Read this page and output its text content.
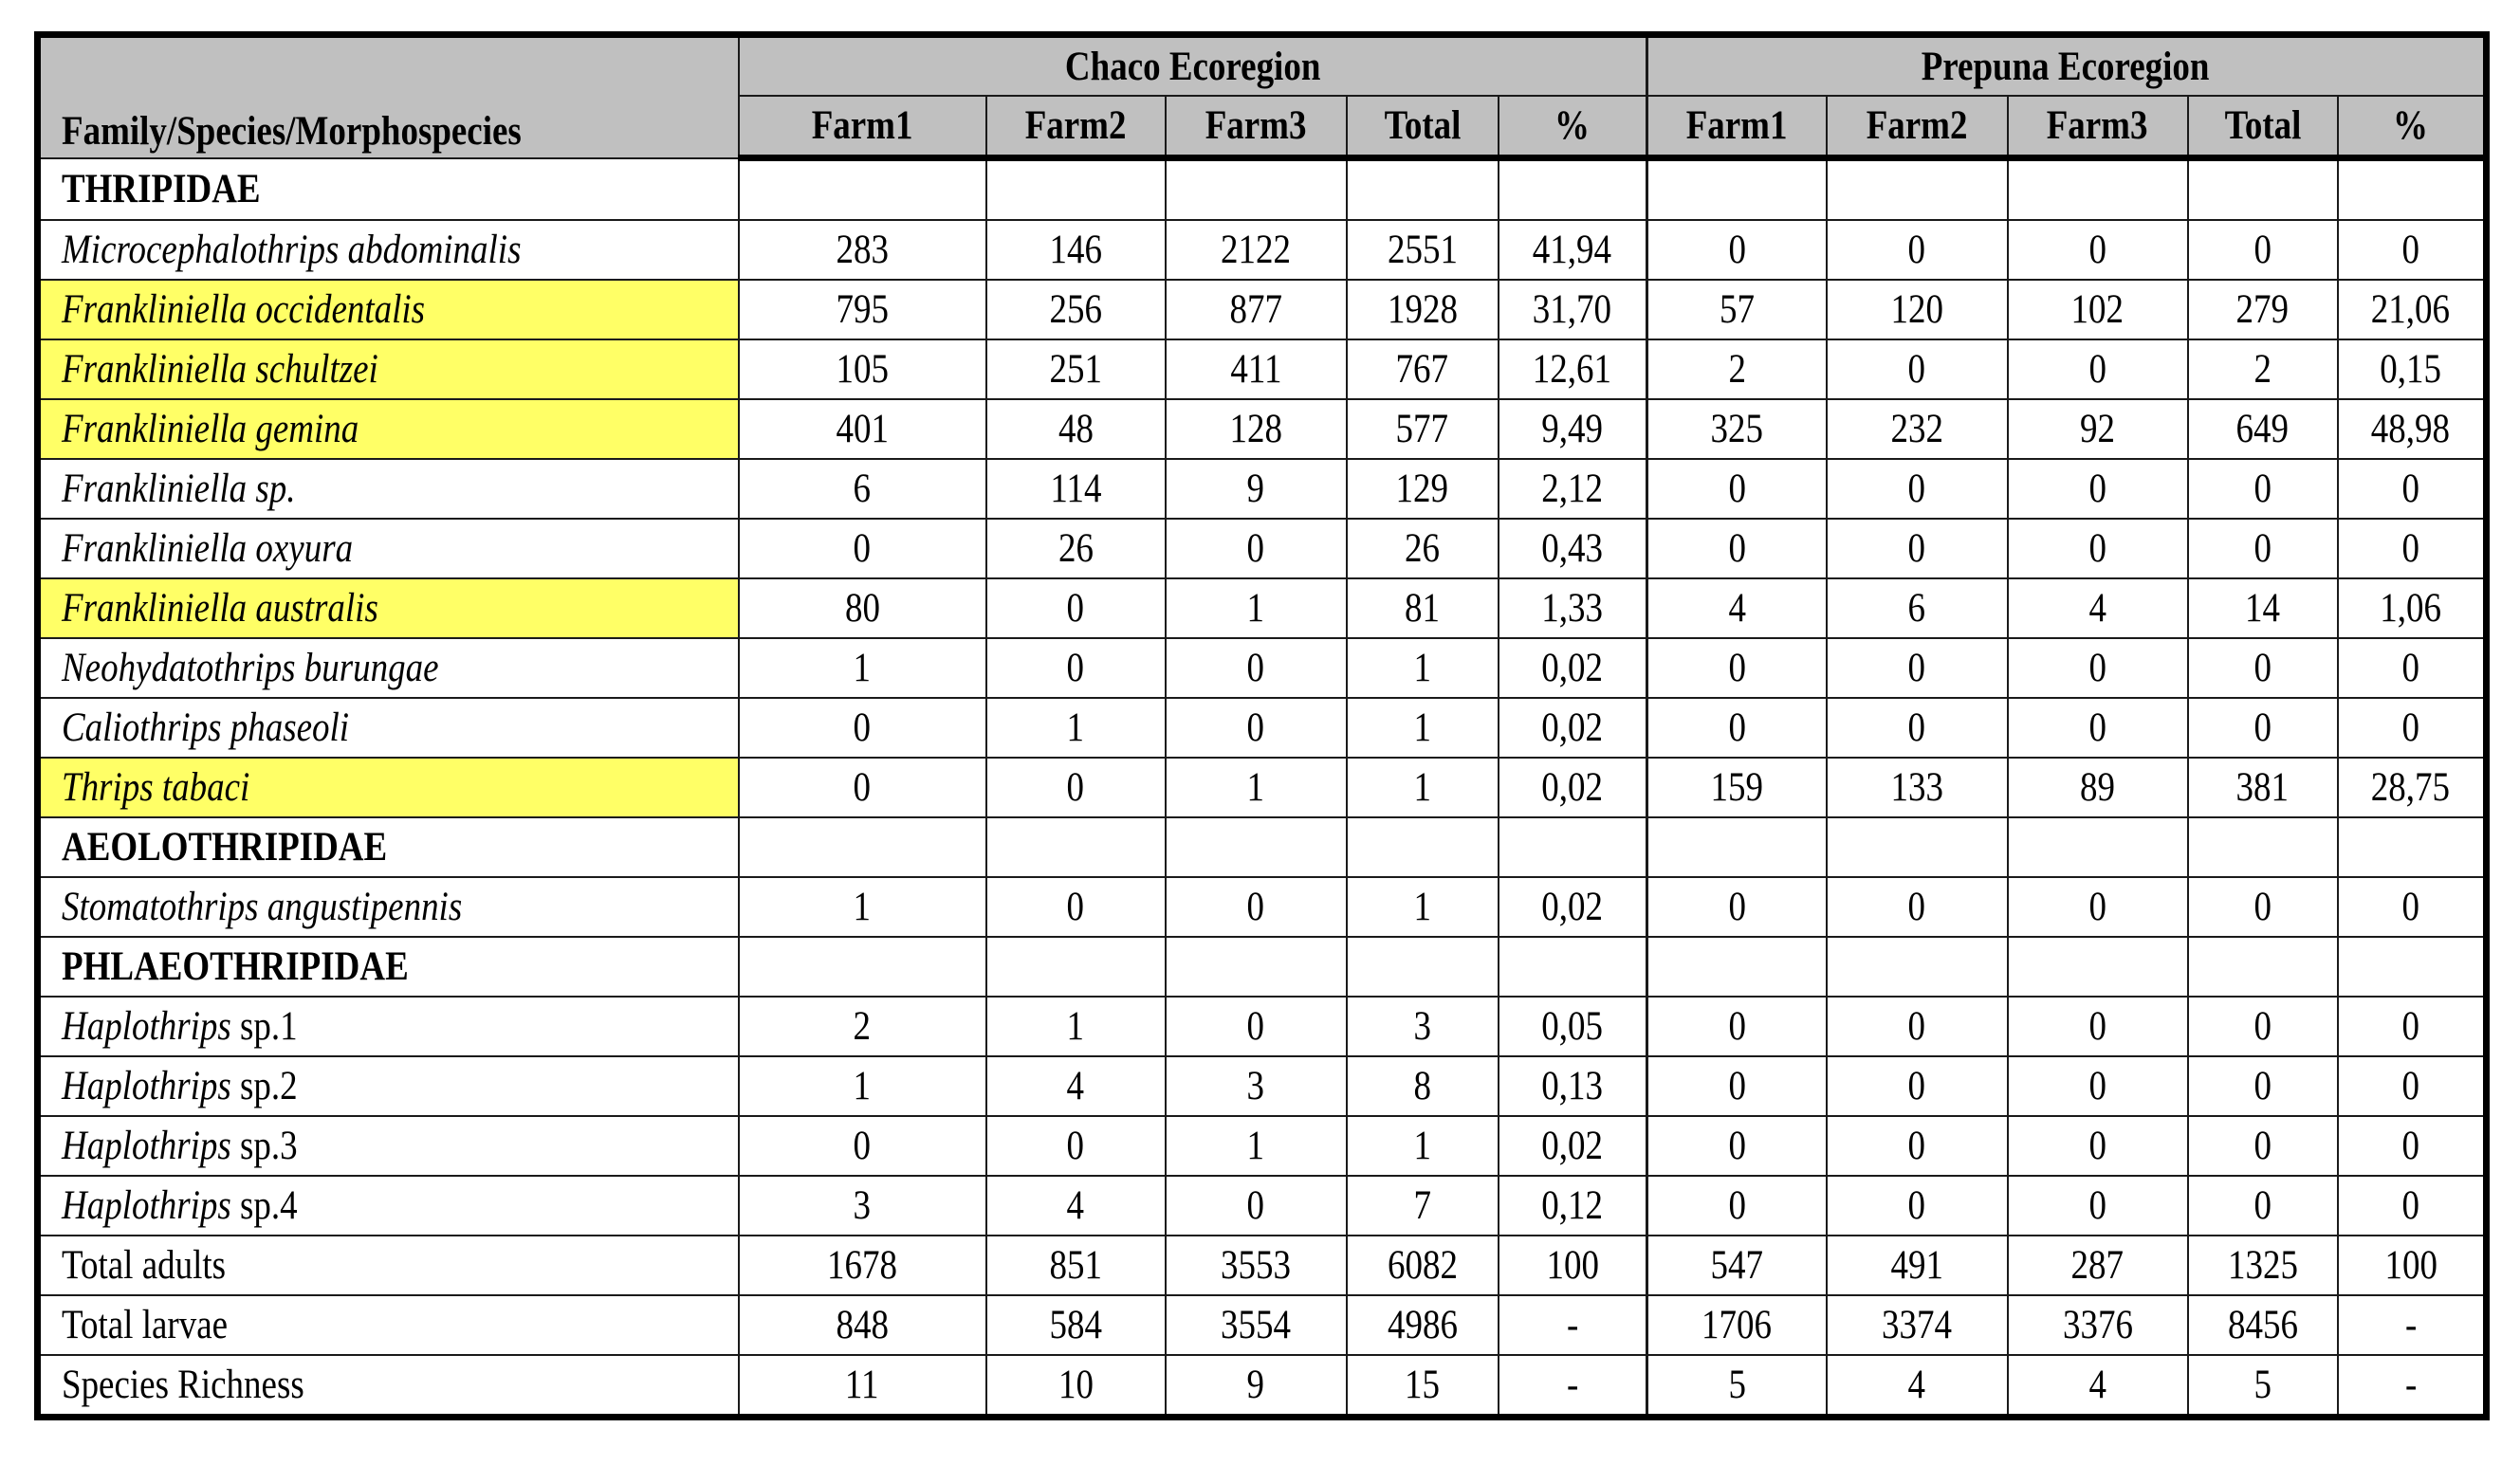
Family/Species/Morphospecies	Chaco Ecoregion					Prepuna Ecoregion				
	Farm1	Farm2	Farm3	Total	%	Farm1	Farm2	Farm3	Total	%
THRIPIDAE										
Microcephalothrips abdominalis	283	146	2122	2551	41,94	0	0	0	0	0
Frankliniella occidentalis	795	256	877	1928	31,70	57	120	102	279	21,06
Frankliniella schultzei	105	251	411	767	12,61	2	0	0	2	0,15
Frankliniella gemina	401	48	128	577	9,49	325	232	92	649	48,98
Frankliniella sp.	6	114	9	129	2,12	0	0	0	0	0
Frankliniella oxyura	0	26	0	26	0,43	0	0	0	0	0
Frankliniella australis	80	0	1	81	1,33	4	6	4	14	1,06
Neohydatothrips burungae	1	0	0	1	0,02	0	0	0	0	0
Caliothrips phaseoli	0	1	0	1	0,02	0	0	0	0	0
Thrips tabaci	0	0	1	1	0,02	159	133	89	381	28,75
AEOLOTHRIPIDAE										
Stomatothrips angustipennis	1	0	0	1	0,02	0	0	0	0	0
PHLAEOTHRIPIDAE										
Haplothrips sp.1	2	1	0	3	0,05	0	0	0	0	0
Haplothrips sp.2	1	4	3	8	0,13	0	0	0	0	0
Haplothrips sp.3	0	0	1	1	0,02	0	0	0	0	0
Haplothrips sp.4	3	4	0	7	0,12	0	0	0	0	0
Total adults	1678	851	3553	6082	100	547	491	287	1325	100
Total larvae	848	584	3554	4986	-	1706	3374	3376	8456	-
Species Richness	11	10	9	15	-	5	4	4	5	-
